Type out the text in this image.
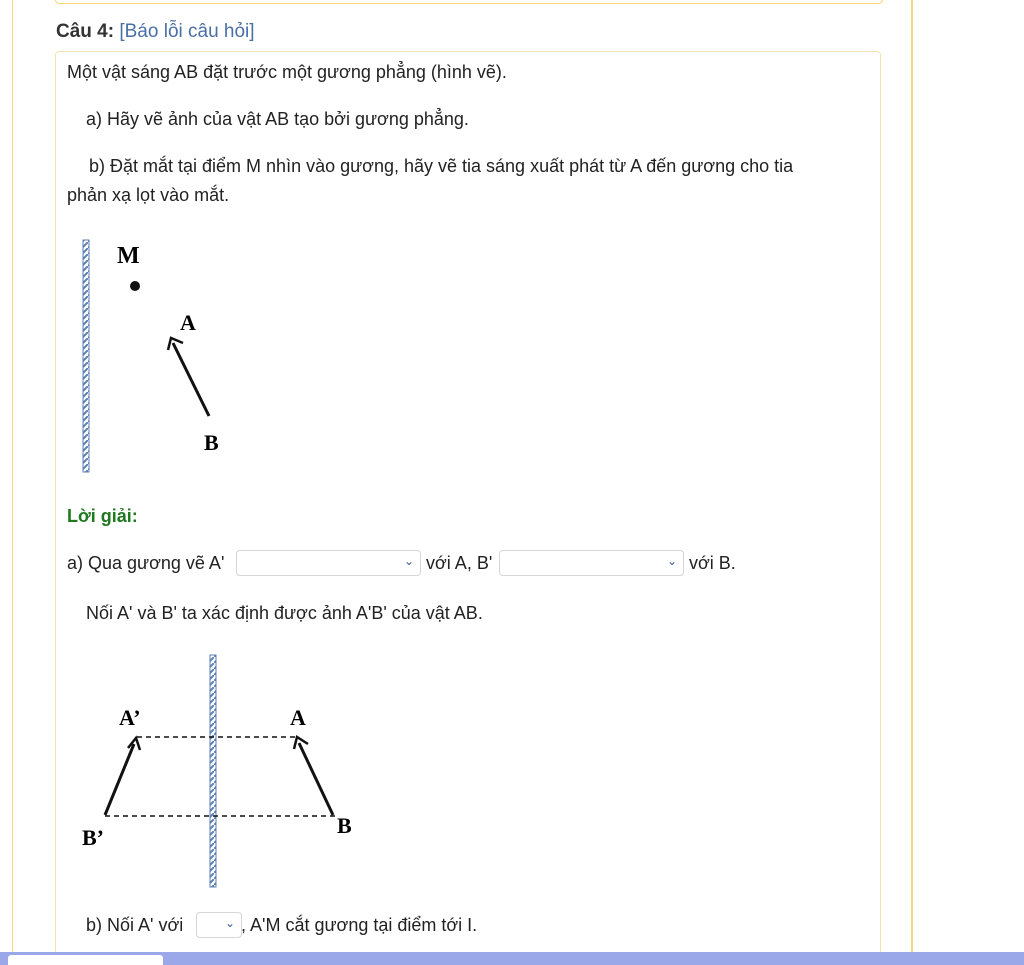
Câu 4: [Báo lỗi câu hỏi]
Một vật sáng AB đặt trước một gương phẳng (hình vẽ).
a) Hãy vẽ ảnh của vật AB tạo bởi gương phẳng.
b) Đặt mắt tại điểm M nhìn vào gương, hãy vẽ tia sáng xuất phát từ A đến gương cho tia
phản xạ lọt vào mắt.
M
A
B
Lời giải:
a) Qua gương vẽ A'	⌄ với A, B'	⌄ với B.
Nối A' và B' ta xác định được ảnh A'B' của vật AB.
A’	A
B’	B
b) Nối A' với	⌄ , A'M cắt gương tại điểm tới I.
